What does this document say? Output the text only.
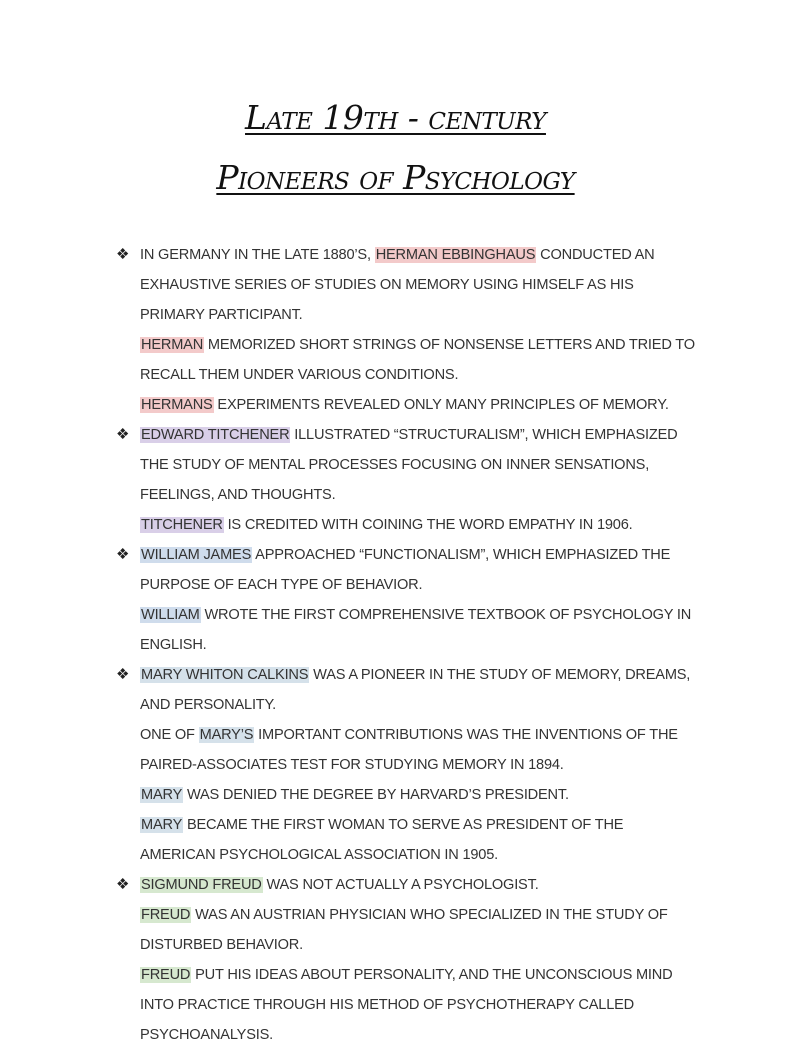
Late 19th - century
Pioneers of Psychology
❖ IN GERMANY IN THE LATE 1880’S, HERMAN EBBINGHAUS CONDUCTED AN EXHAUSTIVE SERIES OF STUDIES ON MEMORY USING HIMSELF AS HIS PRIMARY PARTICIPANT.
HERMAN MEMORIZED SHORT STRINGS OF NONSENSE LETTERS AND TRIED TO RECALL THEM UNDER VARIOUS CONDITIONS.
HERMANS EXPERIMENTS REVEALED ONLY MANY PRINCIPLES OF MEMORY.
❖ EDWARD TITCHENER ILLUSTRATED “STRUCTURALISM”, WHICH EMPHASIZED THE STUDY OF MENTAL PROCESSES FOCUSING ON INNER SENSATIONS, FEELINGS, AND THOUGHTS.
TITCHENER IS CREDITED WITH COINING THE WORD EMPATHY IN 1906.
❖ WILLIAM JAMES APPROACHED “FUNCTIONALISM”, WHICH EMPHASIZED THE PURPOSE OF EACH TYPE OF BEHAVIOR.
WILLIAM WROTE THE FIRST COMPREHENSIVE TEXTBOOK OF PSYCHOLOGY IN ENGLISH.
❖ MARY WHITON CALKINS WAS A PIONEER IN THE STUDY OF MEMORY, DREAMS, AND PERSONALITY.
ONE OF MARY’S IMPORTANT CONTRIBUTIONS WAS THE INVENTIONS OF THE PAIRED-ASSOCIATES TEST FOR STUDYING MEMORY IN 1894.
MARY WAS DENIED THE DEGREE BY HARVARD’S PRESIDENT.
MARY BECAME THE FIRST WOMAN TO SERVE AS PRESIDENT OF THE AMERICAN PSYCHOLOGICAL ASSOCIATION IN 1905.
❖ SIGMUND FREUD WAS NOT ACTUALLY A PSYCHOLOGIST.
FREUD WAS AN AUSTRIAN PHYSICIAN WHO SPECIALIZED IN THE STUDY OF DISTURBED BEHAVIOR.
FREUD PUT HIS IDEAS ABOUT PERSONALITY, AND THE UNCONSCIOUS MIND INTO PRACTICE THROUGH HIS METHOD OF PSYCHOTHERAPY CALLED PSYCHOANALYSIS.
